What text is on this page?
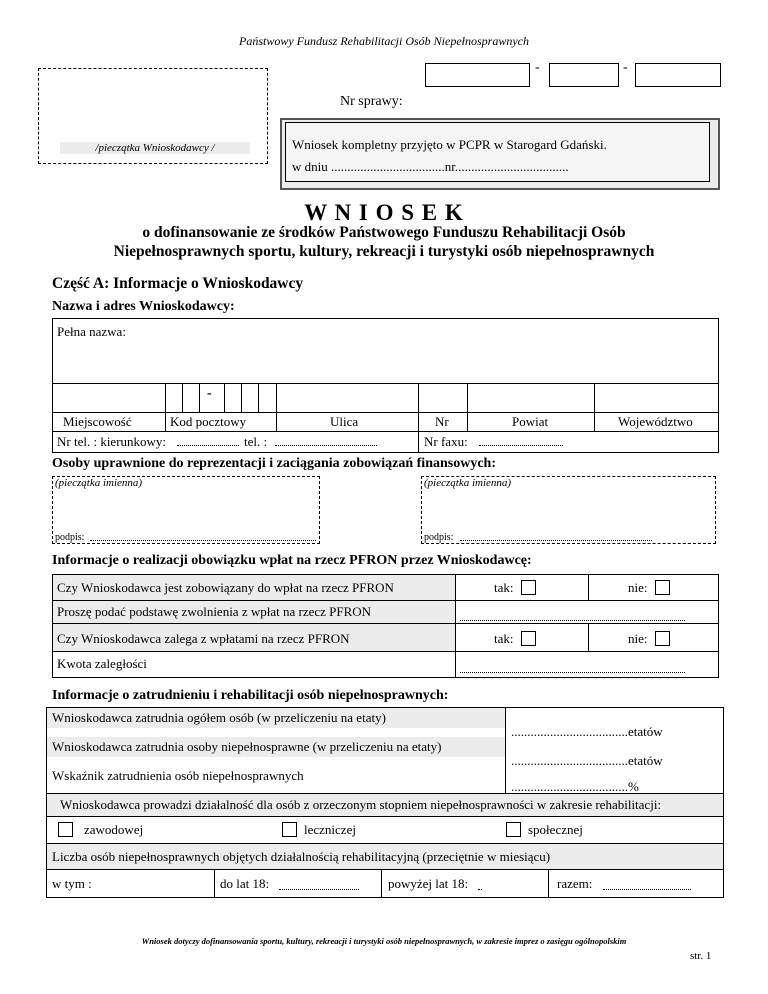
Państwowy Fundusz Rehabilitacji Osób Niepełnosprawnych
/pieczątka Wnioskodawcy /
Nr sprawy:
-	-
Wniosek kompletny przyjęto w PCPR w Starogard Gdański.
w dniu ...................................nr...................................
W N I O S E K
o dofinansowanie ze środków Państwowego Funduszu Rehabilitacji Osób
Niepełnosprawnych sportu, kultury, rekreacji i turystyki osób niepełnosprawnych
Część A: Informacje o Wnioskodawcy
Nazwa i adres Wnioskodawcy:
Pełna nazwa:
-
Miejscowość	Kod pocztowy	Ulica	Nr	Powiat	Województwo
Nr tel. : kierunkowy:	tel. :	Nr faxu:
Osoby uprawnione do reprezentacji i zaciągania zobowiązań finansowych:
(pieczątka imienna)
podpis:
(pieczątka imienna)
podpis:
Informacje o realizacji obowiązku wpłat na rzecz PFRON przez Wnioskodawcę:
Czy Wnioskodawca jest zobowiązany do wpłat na rzecz PFRON	tak:	nie:
Proszę podać podstawę zwolnienia z wpłat na rzecz PFRON
Czy Wnioskodawca zalega z wpłatami na rzecz PFRON	tak:	nie:
Kwota zaległości
Informacje o zatrudnieniu i rehabilitacji osób niepełnosprawnych:
Wnioskodawca zatrudnia ogółem osób (w przeliczeniu na etaty)
....................................etatów
Wnioskodawca zatrudnia osoby niepełnosprawne (w przeliczeniu na etaty)
....................................etatów
Wskaźnik zatrudnienia osób niepełnosprawnych
....................................%
Wnioskodawca prowadzi działalność dla osób z orzeczonym stopniem niepełnosprawności w zakresie rehabilitacji:
zawodowej	leczniczej	społecznej
Liczba osób niepełnosprawnych objętych działalnością rehabilitacyjną (przeciętnie w miesiącu)
w tym :	do lat 18:	powyżej lat 18:	razem:
Wniosek dotyczy dofinansowania sportu, kultury, rekreacji i turystyki osób niepełnosprawnych, w zakresie imprez o zasięgu ogólnopolskim
str. 1
